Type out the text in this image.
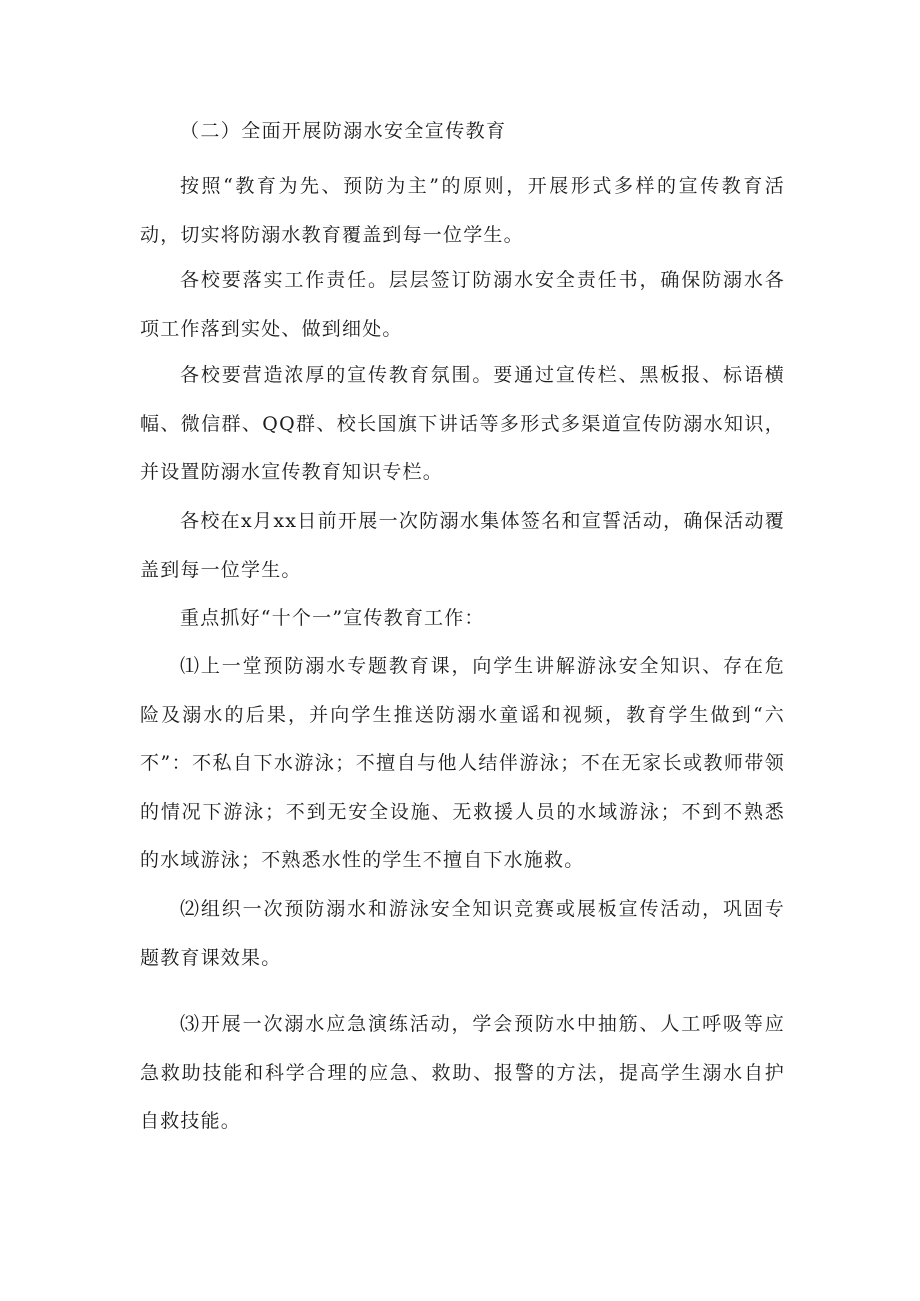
（二）全面开展防溺水安全宣传教育

按照“教育为先、预防为主”的原则，开展形式多样的宣传教育活动，切实将防溺水教育覆盖到每一位学生。

各校要落实工作责任。层层签订防溺水安全责任书，确保防溺水各项工作落到实处、做到细处。

各校要营造浓厚的宣传教育氛围。要通过宣传栏、黑板报、标语横幅、微信群、QQ群、校长国旗下讲话等多形式多渠道宣传防溺水知识，并设置防溺水宣传教育知识专栏。

各校在x月xx日前开展一次防溺水集体签名和宣誓活动，确保活动覆盖到每一位学生。

重点抓好“十个一”宣传教育工作：

⑴上一堂预防溺水专题教育课，向学生讲解游泳安全知识、存在危险及溺水的后果，并向学生推送防溺水童谣和视频，教育学生做到“六不”：不私自下水游泳；不擅自与他人结伴游泳；不在无家长或教师带领的情况下游泳；不到无安全设施、无救援人员的水域游泳；不到不熟悉的水域游泳；不熟悉水性的学生不擅自下水施救。

⑵组织一次预防溺水和游泳安全知识竞赛或展板宣传活动，巩固专题教育课效果。

⑶开展一次溺水应急演练活动，学会预防水中抽筋、人工呼吸等应急救助技能和科学合理的应急、救助、报警的方法，提高学生溺水自护自救技能。
